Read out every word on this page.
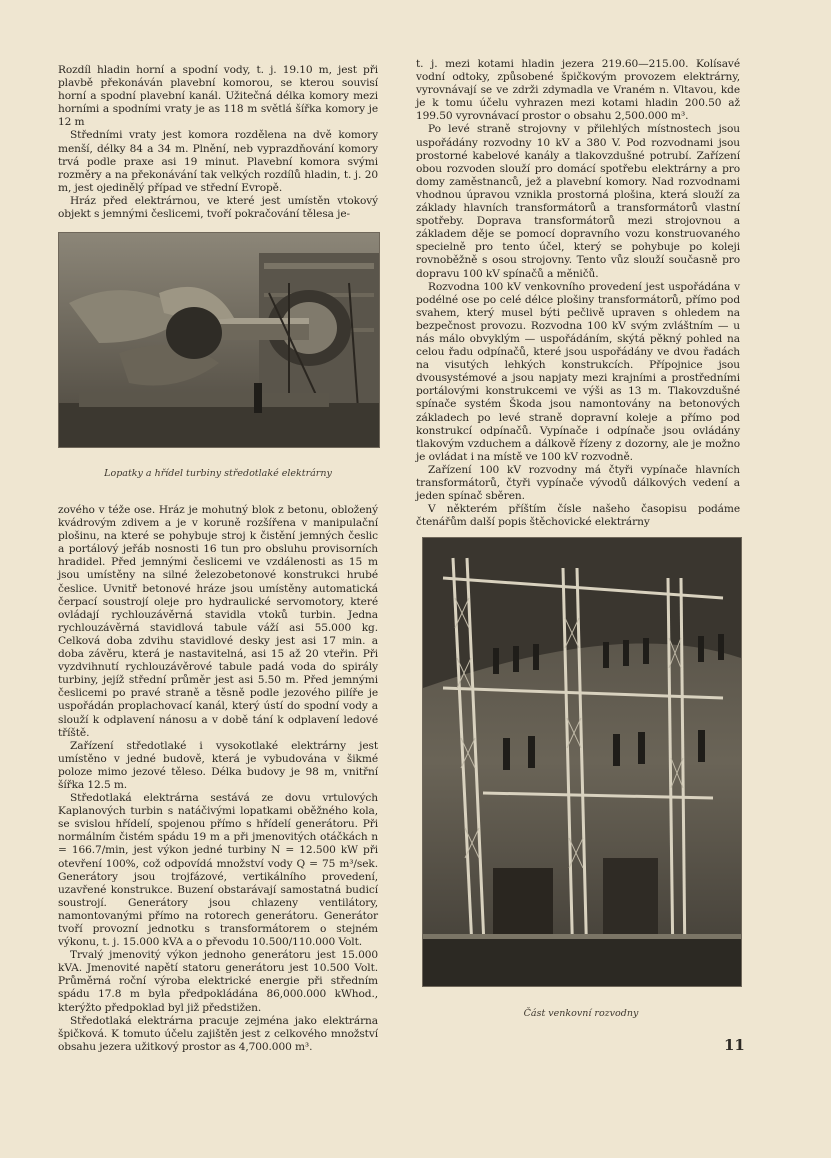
Rozdíl hladin horní a spodní vody, t. j. 19.10 m, jest při plavbě překonáván plavební komorou, se kterou souvisí horní a spodní plavební kanál. Užitečná délka komory mezi horními a spodními vraty je as 118 m světlá šířka komory je 12 m

Středními vraty jest komora rozdělena na dvě komory menší, délky 84 a 34 m. Plnění, neb vyprazdňování komory trvá podle praxe asi 19 minut. Plavební komora svými rozměry a na překonávání tak velkých rozdílů hladin, t. j. 20 m, jest ojedinělý případ ve střední Evropě.

Hráz před elektrárnou, ve které jest umístěn vtokový objekt s jemnými česlicemi, tvoří pokračování tělesa je-

Lopatky a hřídel turbiny středotlaké elektrárny

zového v téže ose. Hráz je mohutný blok z betonu, obložený kvádrovým zdivem a je v koruně rozšířena v manipulační plošinu, na které se pohybuje stroj k čistění jemných česlic a portálový jeřáb nosnosti 16 tun pro obsluhu provisorních hradidel. Před jemnými česlicemi ve vzdálenosti as 15 m jsou umístěny na silné železobetonové konstrukci hrubé česlice. Uvnitř betonové hráze jsou umístěny automatická čerpací soustrojí oleje pro hydraulické servomotory, které ovládají rychlouzávěrná stavidla vtoků turbin. Jedna rychlouzávěrná stavidlová tabule váží asi 55.000 kg. Celková doba zdvihu stavidlové desky jest asi 17 min. a doba závěru, která je nastavitelná, asi 15 až 20 vteřin. Při vyzdvihnutí rychlouzávěrové tabule padá voda do spirály turbiny, jejíž střední průměr jest asi 5.50 m. Před jemnými česlicemi po pravé straně a těsně podle jezového pilíře je uspořádán proplachovací kanál, který ústí do spodní vody a slouží k odplavení nánosu a v době tání k odplavení ledové tříště.

Zařízení středotlaké i vysokotlaké elektrárny jest umístěno v jedné budově, která je vybudována v šikmé poloze mimo jezové těleso. Délka budovy je 98 m, vnitřní šířka 12.5 m.

Středotlaká elektrárna sestává ze dovu vrtulových Kaplanových turbin s natáčivými lopatkami oběžného kola, se svislou hřídelí, spojenou přímo s hřídelí generátoru. Při normálním čistém spádu 19 m a při jmenovitých otáčkách n = 166.7/min, jest výkon jedné turbiny N = 12.500 kW při otevření 100%, což odpovídá množství vody Q = 75 m³/sek. Generátory jsou trojfázové, vertikálního provedení, uzavřené konstrukce. Buzení obstarávají samostatná budicí soustrojí. Generátory jsou chlazeny ventilátory, namontovanými přímo na rotorech generátoru. Generátor tvoří provozní jednotku s transformátorem o stejném výkonu, t. j. 15.000 kVA a o převodu 10.500/110.000 Volt.

Trvalý jmenovitý výkon jednoho generátoru jest 15.000 kVA. Jmenovité napětí statoru generátoru jest 10.500 Volt. Průměrná roční výroba elektrické energie při středním spádu 17.8 m byla předpokládána 86,000.000 kWhod., kterýžto předpoklad byl již předstižen.

Středotlaká elektrárna pracuje zejména jako elektrárna špičková. K tomuto účelu zajištěn jest z celkového množství obsahu jezera užitkový prostor as 4,700.000 m³.

t. j. mezi kotami hladin jezera 219.60—215.00. Kolísavé vodní odtoky, způsobené špičkovým provozem elektrárny, vyrovnávají se ve zdrži zdymadla ve Vraném n. Vltavou, kde je k tomu účelu vyhrazen mezi kotami hladin 200.50 až 199.50 vyrovnávací prostor o obsahu 2,500.000 m³.

Po levé straně strojovny v přilehlých místnostech jsou uspořádány rozvodny 10 kV a 380 V. Pod rozvodnami jsou prostorné kabelové kanály a tlakovzdušné potrubí. Zařízení obou rozvoden slouží pro domácí spotřebu elektrárny a pro domy zaměstnanců, jež a plavební komory. Nad rozvodnami vhodnou úpravou vznikla prostorná plošina, která slouží za základy hlavních transformátorů a transformátorů vlastní spotřeby. Doprava transformátorů mezi strojovnou a základem děje se pomocí dopravního vozu konstruovaného specielně pro tento účel, který se pohybuje po koleji rovnoběžně s osou strojovny. Tento vůz slouží současně pro dopravu 100 kV spínačů a měničů.

Rozvodna 100 kV venkovního provedení jest uspořádána v podélné ose po celé délce plošiny transformátorů, přímo pod svahem, který musel býti pečlivě upraven s ohledem na bezpečnost provozu. Rozvodna 100 kV svým zvláštním — u nás málo obvyklým — uspořádáním, skýtá pěkný pohled na celou řadu odpínačů, které jsou uspořádány ve dvou řadách na visutých lehkých konstrukcích. Přípojnice jsou dvousystémové a jsou napjaty mezi krajními a prostředními portálovými konstrukcemi ve výši as 13 m. Tlakovzdušné spínače systém Škoda jsou namontovány na betonových základech po levé straně dopravní koleje a přímo pod konstrukcí odpínačů. Vypínače i odpínače jsou ovládány tlakovým vzduchem a dálkově řízeny z dozorny, ale je možno je ovládat i na místě ve 100 kV rozvodně.

Zařízení 100 kV rozvodny má čtyři vypínače hlavních transformátorů, čtyři vypínače vývodů dálkových vedení a jeden spínač sběren.

V některém příštím čísle našeho časopisu podáme čtenářům další popis štěchovické elektrárny

Část venkovní rozvodny
11
